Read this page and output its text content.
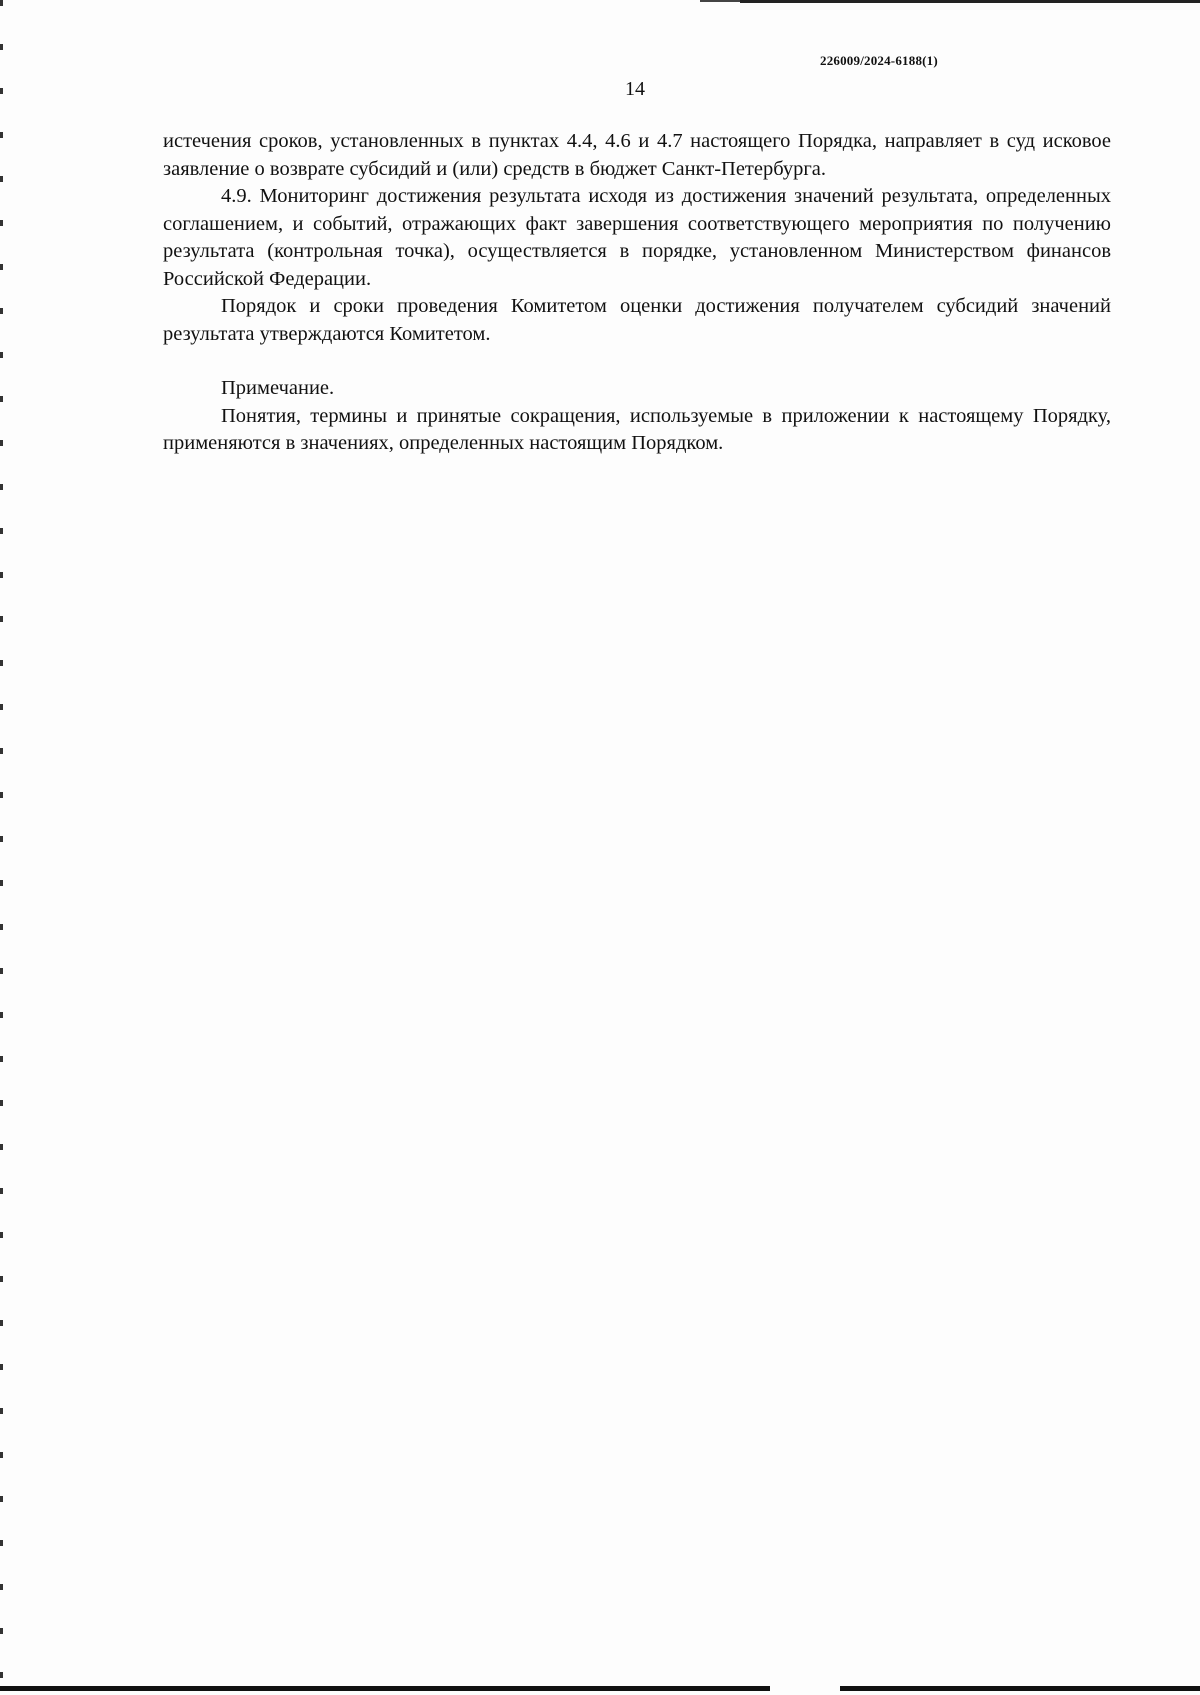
226009/2024-6188(1)
14

истечения сроков, установленных в пунктах 4.4, 4.6 и 4.7 настоящего Порядка, направляет в суд исковое заявление о возврате субсидий и (или) средств в бюджет Санкт-Петербурга.

4.9. Мониторинг достижения результата исходя из достижения значений результата, определенных соглашением, и событий, отражающих факт завершения соответствующего мероприятия по получению результата (контрольная точка), осуществляется в порядке, установленном Министерством финансов Российской Федерации.

Порядок и сроки проведения Комитетом оценки достижения получателем субсидий значений результата утверждаются Комитетом.

Примечание.

Понятия, термины и принятые сокращения, используемые в приложении к настоящему Порядку, применяются в значениях, определенных настоящим Порядком.
